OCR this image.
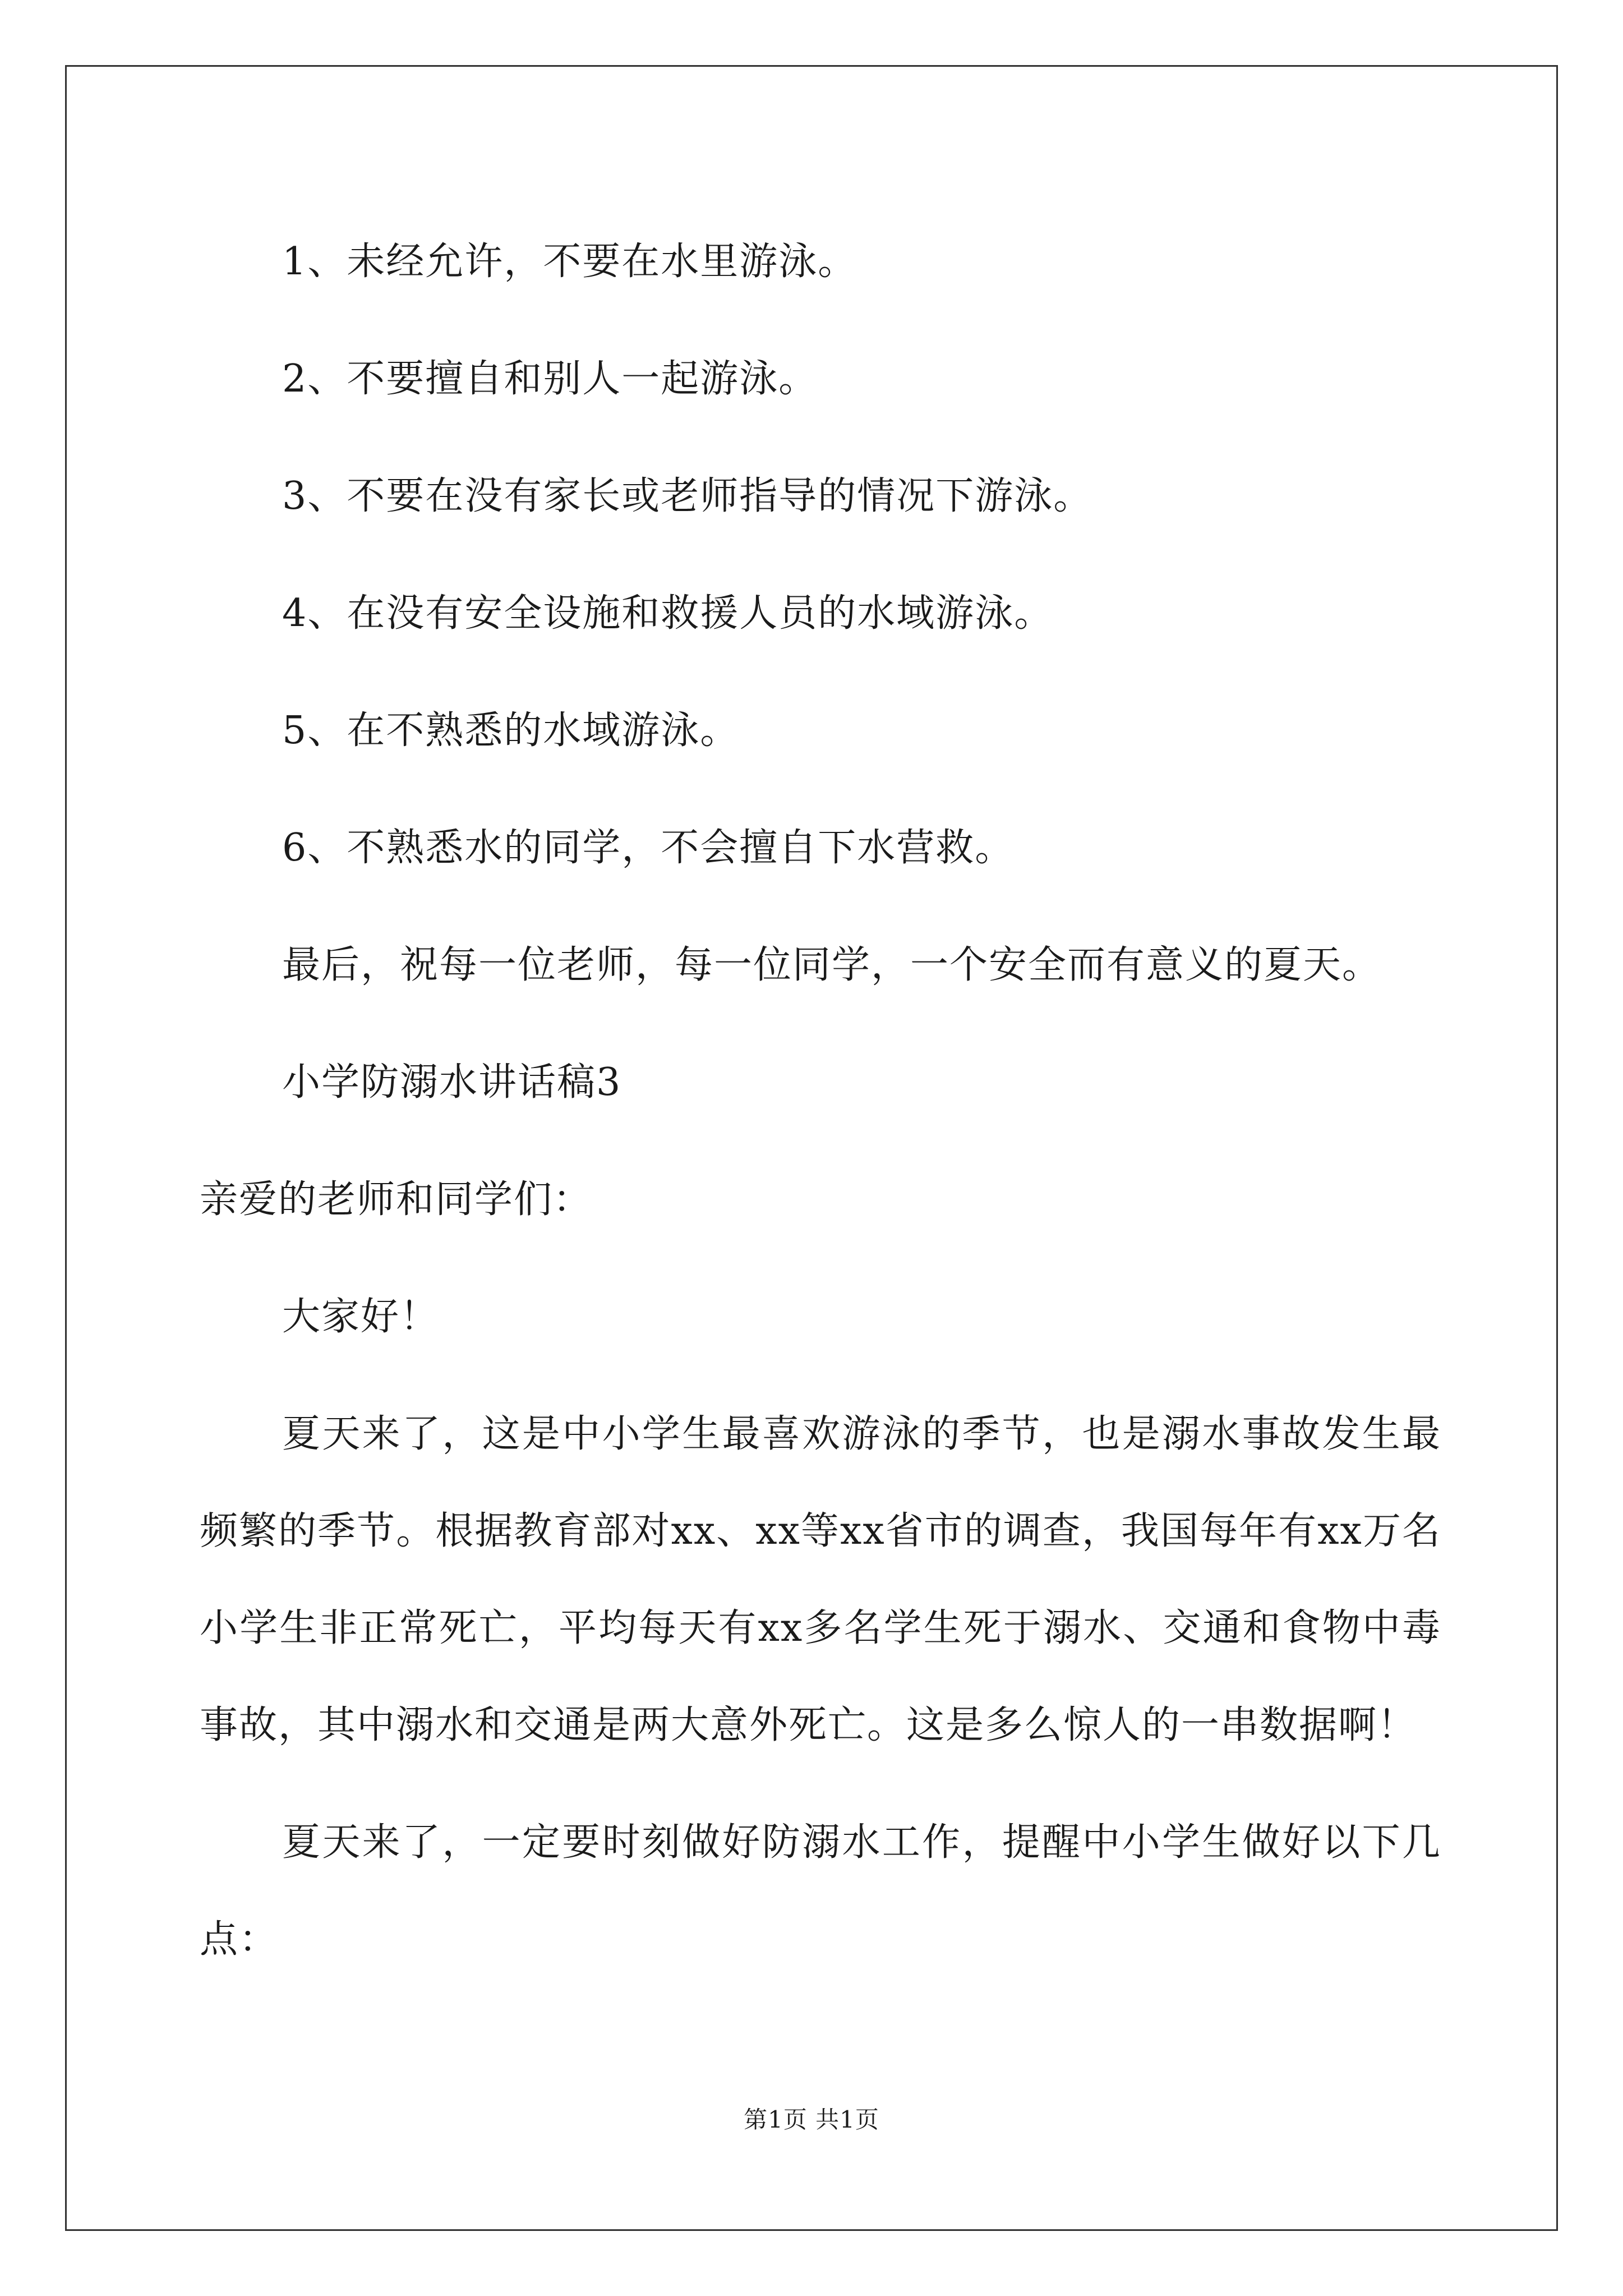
1、未经允许，不要在水里游泳。

2、不要擅自和别人一起游泳。

3、不要在没有家长或老师指导的情况下游泳。

4、在没有安全设施和救援人员的水域游泳。

5、在不熟悉的水域游泳。

6、不熟悉水的同学，不会擅自下水营救。

最后，祝每一位老师，每一位同学，一个安全而有意义的夏天。

小学防溺水讲话稿3

亲爱的老师和同学们：

大家好！

夏天来了，这是中小学生最喜欢游泳的季节，也是溺水事故发生最频繁的季节。根据教育部对xx、xx等xx省市的调查，我国每年有xx万名小学生非正常死亡，平均每天有xx多名学生死于溺水、交通和食物中毒事故，其中溺水和交通是两大意外死亡。这是多么惊人的一串数据啊！

夏天来了，一定要时刻做好防溺水工作，提醒中小学生做好以下几点：

第1页 共1页
